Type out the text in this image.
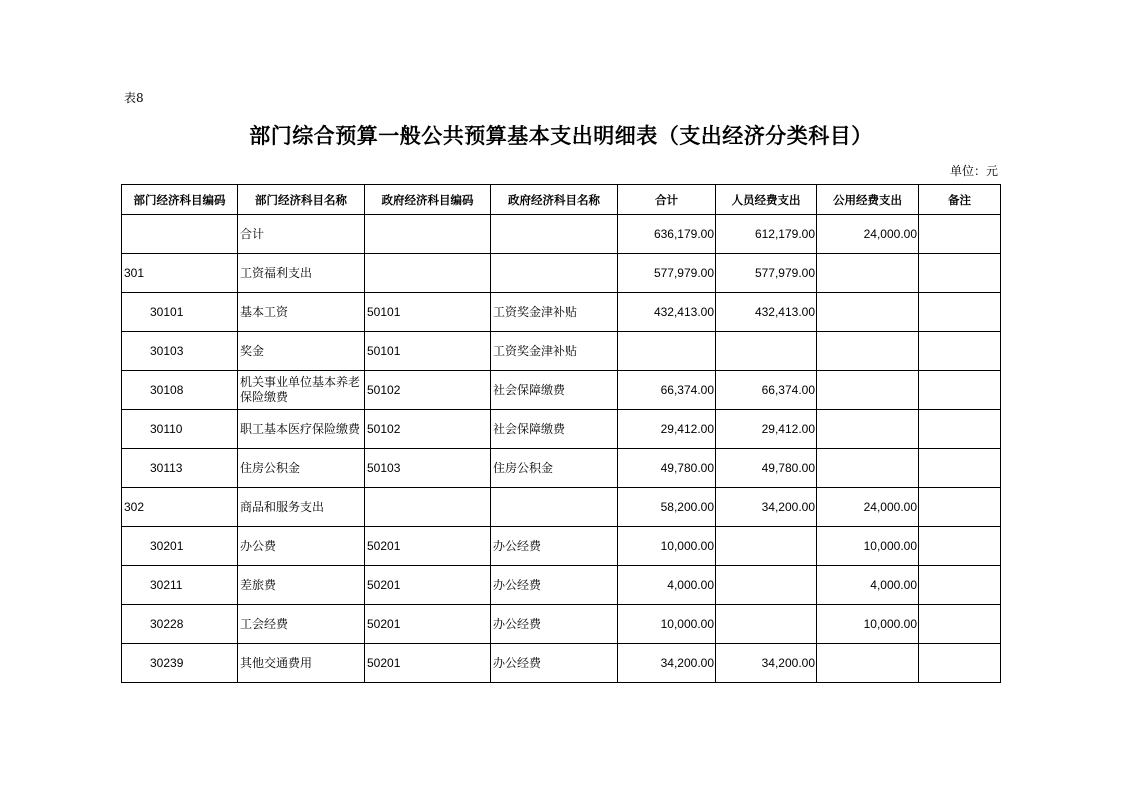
表8
部门综合预算一般公共预算基本支出明细表（支出经济分类科目）
单位：元
部门经济科目编码	部门经济科目名称	政府经济科目编码	政府经济科目名称	合计	人员经费支出	公用经费支出	备注
	合计			636,179.00	612,179.00	24,000.00	
301	工资福利支出			577,979.00	577,979.00		
30101	基本工资	50101	工资奖金津补贴	432,413.00	432,413.00		
30103	奖金	50101	工资奖金津补贴				
30108	机关事业单位基本养老保险缴费	50102	社会保障缴费	66,374.00	66,374.00		
30110	职工基本医疗保险缴费	50102	社会保障缴费	29,412.00	29,412.00		
30113	住房公积金	50103	住房公积金	49,780.00	49,780.00		
302	商品和服务支出			58,200.00	34,200.00	24,000.00	
30201	办公费	50201	办公经费	10,000.00		10,000.00	
30211	差旅费	50201	办公经费	4,000.00		4,000.00	
30228	工会经费	50201	办公经费	10,000.00		10,000.00	
30239	其他交通费用	50201	办公经费	34,200.00	34,200.00		
